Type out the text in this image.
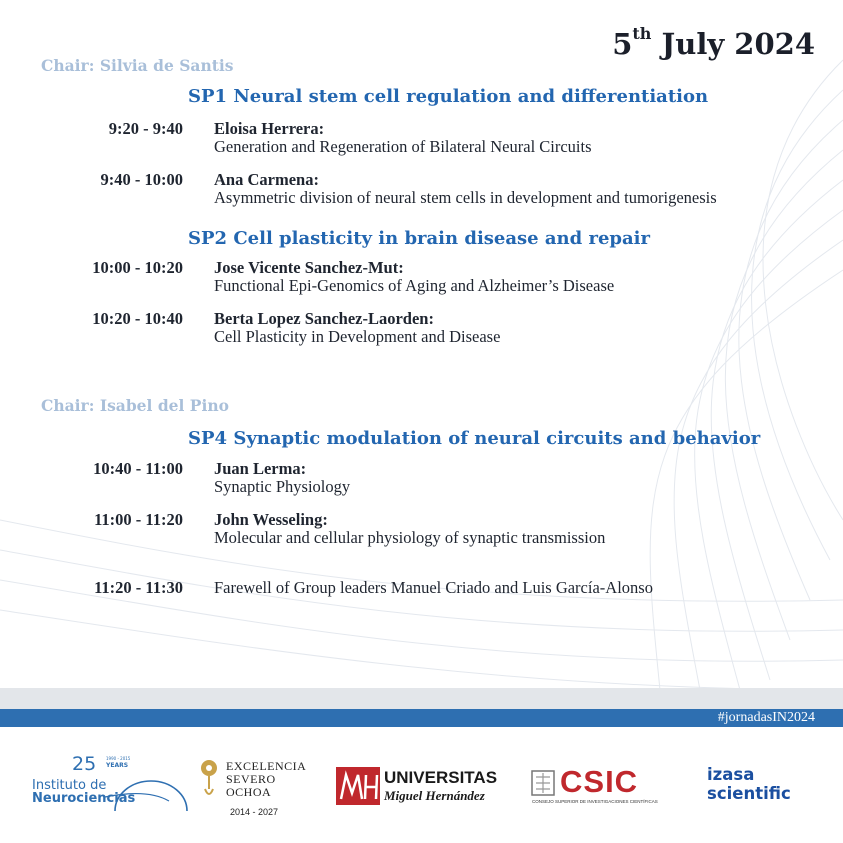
5th July 2024
Chair: Silvia de Santis
SP1 Neural stem cell regulation and differentiation
9:20 - 9:40	Eloisa Herrera:
Generation and Regeneration of Bilateral Neural Circuits
9:40 - 10:00	Ana Carmena:
Asymmetric division of neural stem cells in development and tumorigenesis
SP2 Cell plasticity in brain disease and repair
10:00 - 10:20	Jose Vicente Sanchez-Mut:
Functional Epi-Genomics of Aging and Alzheimer’s Disease
10:20 - 10:40	Berta Lopez Sanchez-Laorden:
Cell Plasticity in Development and Disease
Chair: Isabel del Pino
SP4 Synaptic modulation of neural circuits and behavior
10:40 - 11:00	Juan Lerma:
Synaptic Physiology
11:00 - 11:20	John Wesseling:
Molecular and cellular physiology of synaptic transmission
11:20 - 11:30	Farewell of Group leaders Manuel Criado and Luis García-Alonso
#jornadasIN2024
25 1990 - 2015
YEARS
Instituto de
Neurociencias
EXCELENCIA
SEVERO
OCHOA
2014 - 2027
UNIVERSITAS
Miguel Hernández CSIC
CONSEJO SUPERIOR DE INVESTIGACIONES CIENTÍFICAS
izasa
scientific
